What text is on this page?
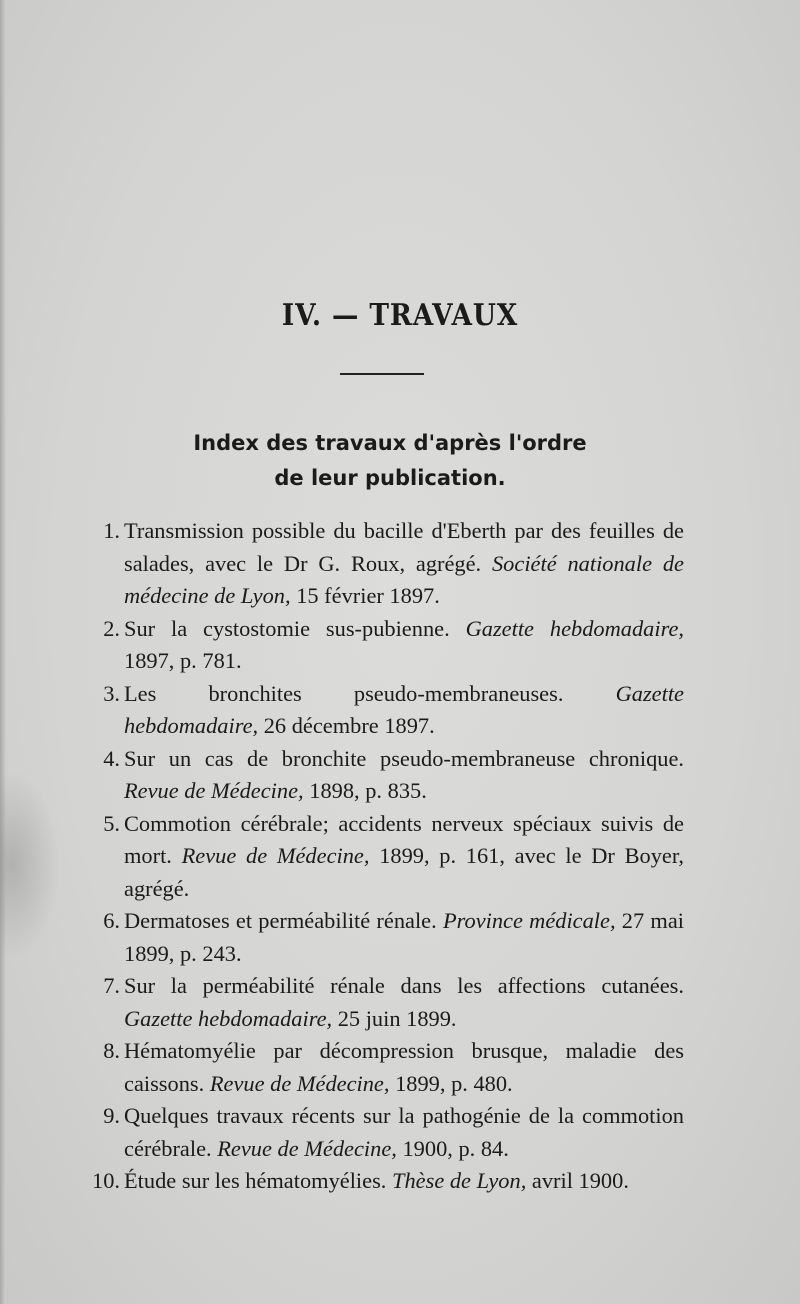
IV. — TRAVAUX
Index des travaux d'après l'ordre
de leur publication.
1. Transmission possible du bacille d'Eberth par des feuilles de salades, avec le Dr G. Roux, agrégé. Société nationale de médecine de Lyon, 15 février 1897.
2. Sur la cystostomie sus-pubienne. Gazette hebdomadaire, 1897, p. 781.
3. Les bronchites pseudo-membraneuses. Gazette hebdomadaire, 26 décembre 1897.
4. Sur un cas de bronchite pseudo-membraneuse chronique. Revue de Médecine, 1898, p. 835.
5. Commotion cérébrale; accidents nerveux spéciaux suivis de mort. Revue de Médecine, 1899, p. 161, avec le Dr Boyer, agrégé.
6. Dermatoses et perméabilité rénale. Province médicale, 27 mai 1899, p. 243.
7. Sur la perméabilité rénale dans les affections cutanées. Gazette hebdomadaire, 25 juin 1899.
8. Hématomyélie par décompression brusque, maladie des caissons. Revue de Médecine, 1899, p. 480.
9. Quelques travaux récents sur la pathogénie de la commotion cérébrale. Revue de Médecine, 1900, p. 84.
10. Étude sur les hématomyélies. Thèse de Lyon, avril 1900.
